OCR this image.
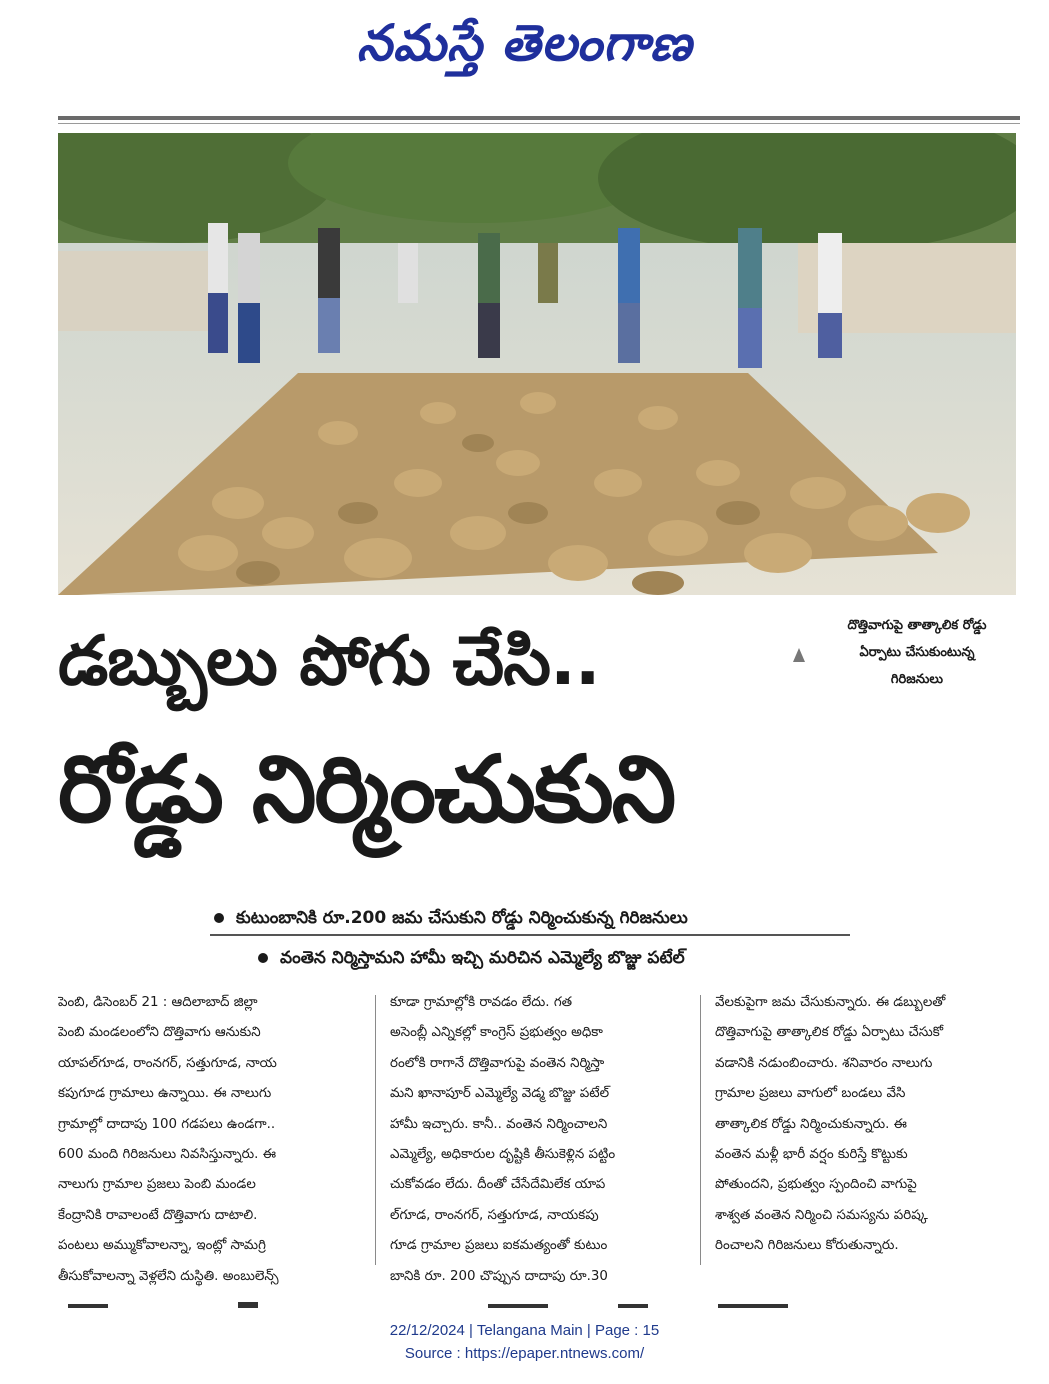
నమస్తే తెలంగాణ
దొత్తివాగుపై తాత్కాలిక రోడ్డు
ఏర్పాటు చేసుకుంటున్న
గిరిజనులు
డబ్బులు పోగు చేసి..
రోడ్డు నిర్మించుకుని
కుటుంబానికి రూ.200 జమ చేసుకుని రోడ్డు నిర్మించుకున్న గిరిజనులు
వంతెన నిర్మిస్తామని హామీ ఇచ్చి మరిచిన ఎమ్మెల్యే బొజ్జు పటేల్
పెంబి, డిసెంబర్ 21 : ఆదిలాబాద్ జిల్లా
పెంబి మండలంలోని దొత్తివాగు ఆనుకుని
యాపల్‌గూడ, రాంనగర్, సత్తుగూడ, నాయ
కపుగూడ గ్రామాలు ఉన్నాయి. ఈ నాలుగు
గ్రామాల్లో దాదాపు 100 గడపలు ఉండగా..
600 మంది గిరిజనులు నివసిస్తున్నారు. ఈ
నాలుగు గ్రామాల ప్రజలు పెంబి మండల
కేంద్రానికి రావాలంటే దొత్తివాగు దాటాలి.
పంటలు అమ్ముకోవాలన్నా, ఇంట్లో సామగ్రి
తీసుకోవాలన్నా వెళ్లలేని దుస్థితి. అంబులెన్స్
కూడా గ్రామాల్లోకి రావడం లేదు. గత
అసెంబ్లీ ఎన్నికల్లో కాంగ్రెస్ ప్రభుత్వం అధికా
రంలోకి రాగానే దొత్తివాగుపై వంతెన నిర్మిస్తా
మని ఖానాపూర్ ఎమ్మెల్యే వెడ్మ బొజ్జు పటేల్
హామీ ఇచ్చారు. కానీ.. వంతెన నిర్మించాలని
ఎమ్మెల్యే, అధికారుల దృష్టికి తీసుకెళ్లిన పట్టిం
చుకోవడం లేదు. దీంతో చేసేదేమిలేక యాప
ల్‌గూడ, రాంనగర్, సత్తుగూడ, నాయకపు
గూడ గ్రామాల ప్రజలు ఐకమత్యంతో కుటుం
బానికి రూ. 200 చొప్పున దాదాపు రూ.30
వేలకుపైగా జమ చేసుకున్నారు. ఈ డబ్బులతో
దొత్తివాగుపై తాత్కాలిక రోడ్డు ఏర్పాటు చేసుకో
వడానికి నడుంబించారు. శనివారం నాలుగు
గ్రామాల ప్రజలు వాగులో బండలు వేసి
తాత్కాలిక రోడ్డు నిర్మించుకున్నారు. ఈ
వంతెన మళ్లీ భారీ వర్షం కురిస్తే కొట్టుకు
పోతుందని, ప్రభుత్వం స్పందించి వాగుపై
శాశ్వత వంతెన నిర్మించి సమస్యను పరిష్క
రించాలని గిరిజనులు కోరుతున్నారు.
22/12/2024 | Telangana Main | Page : 15
Source : https://epaper.ntnews.com/
